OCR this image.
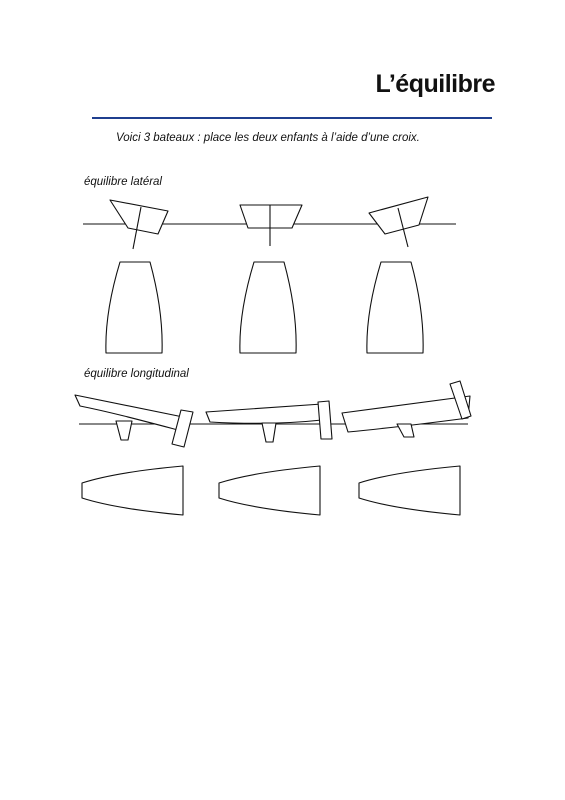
L’équilibre
Voici 3 bateaux : place les deux enfants à l’aide d’une croix.
équilibre latéral
équilibre longitudinal
